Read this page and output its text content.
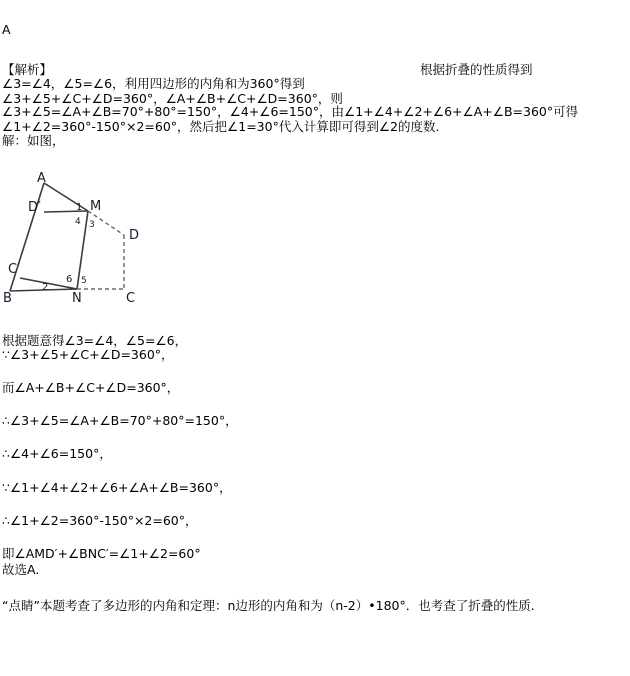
A
【解析】	根据折叠的性质得到
∠3=∠4，∠5=∠6，利用四边形的内角和为360°得到
∠3+∠5+∠C+∠D=360°，∠A+∠B+∠C+∠D=360°，则
∠3+∠5=∠A+∠B=70°+80°=150°，∠4+∠6=150°，由∠1+∠4+∠2+∠6+∠A+∠B=360°可得
∠1+∠2=360°-150°×2=60°，然后把∠1=30°代入计算即可得到∠2的度数.
解：如图，
A
D′	M
D
C′
B	N	C
1
4 3
2
6 5
根据题意得∠3=∠4，∠5=∠6，
∵∠3+∠5+∠C+∠D=360°，
而∠A+∠B+∠C+∠D=360°，
∴∠3+∠5=∠A+∠B=70°+80°=150°，
∴∠4+∠6=150°，
∵∠1+∠4+∠2+∠6+∠A+∠B=360°，
∴∠1+∠2=360°-150°×2=60°，
即∠AMD′+∠BNC′=∠1+∠2=60°
故选A.
“点睛”本题考查了多边形的内角和定理：n边形的内角和为（n-2）•180°．也考查了折叠的性质.
